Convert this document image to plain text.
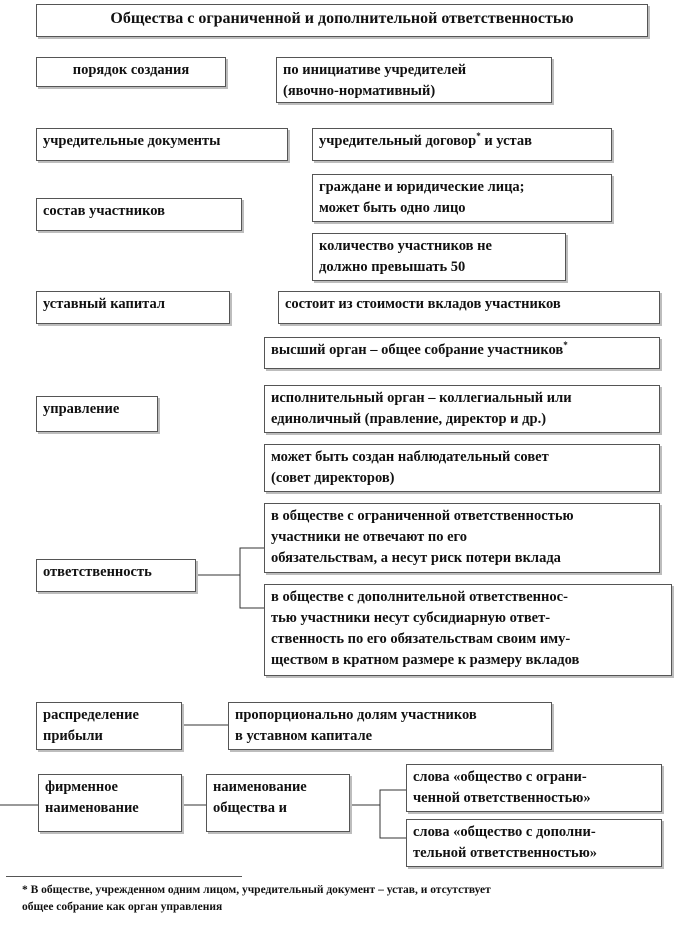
Общества с ограниченной и дополнительной ответственностью
порядок создания	по инициативе учредителей
(явочно-нормативный)
учредительные документы	учредительный договор* и устав
состав участников
граждане и юридические лица;
может быть одно лицо
количество участников не
должно превышать 50
уставный капитал	состоит из стоимости вкладов участников
управление
высший орган – общее собрание участников*
исполнительный орган – коллегиальный или
единоличный (правление, директор и др.)
может быть создан наблюдательный совет
(совет директоров)
ответственность
в обществе с ограниченной ответственностью
участники не отвечают по его
обязательствам, а несут риск потери вклада
в обществе с дополнительной ответственнос-
тью участники несут субсидиарную ответ-
ственность по его обязательствам своим иму-
ществом в кратном размере к размеру вкладов
распределение
прибыли
пропорционально долям участников
в уставном капитале
фирменное
наименование
наименование
общества и
слова «общество с ограни-
ченной ответственностью»
слова «общество с дополни-
тельной ответственностью»
* В обществе, учрежденном одним лицом, учредительный документ – устав, и отсутствует
общее собрание как орган управления
